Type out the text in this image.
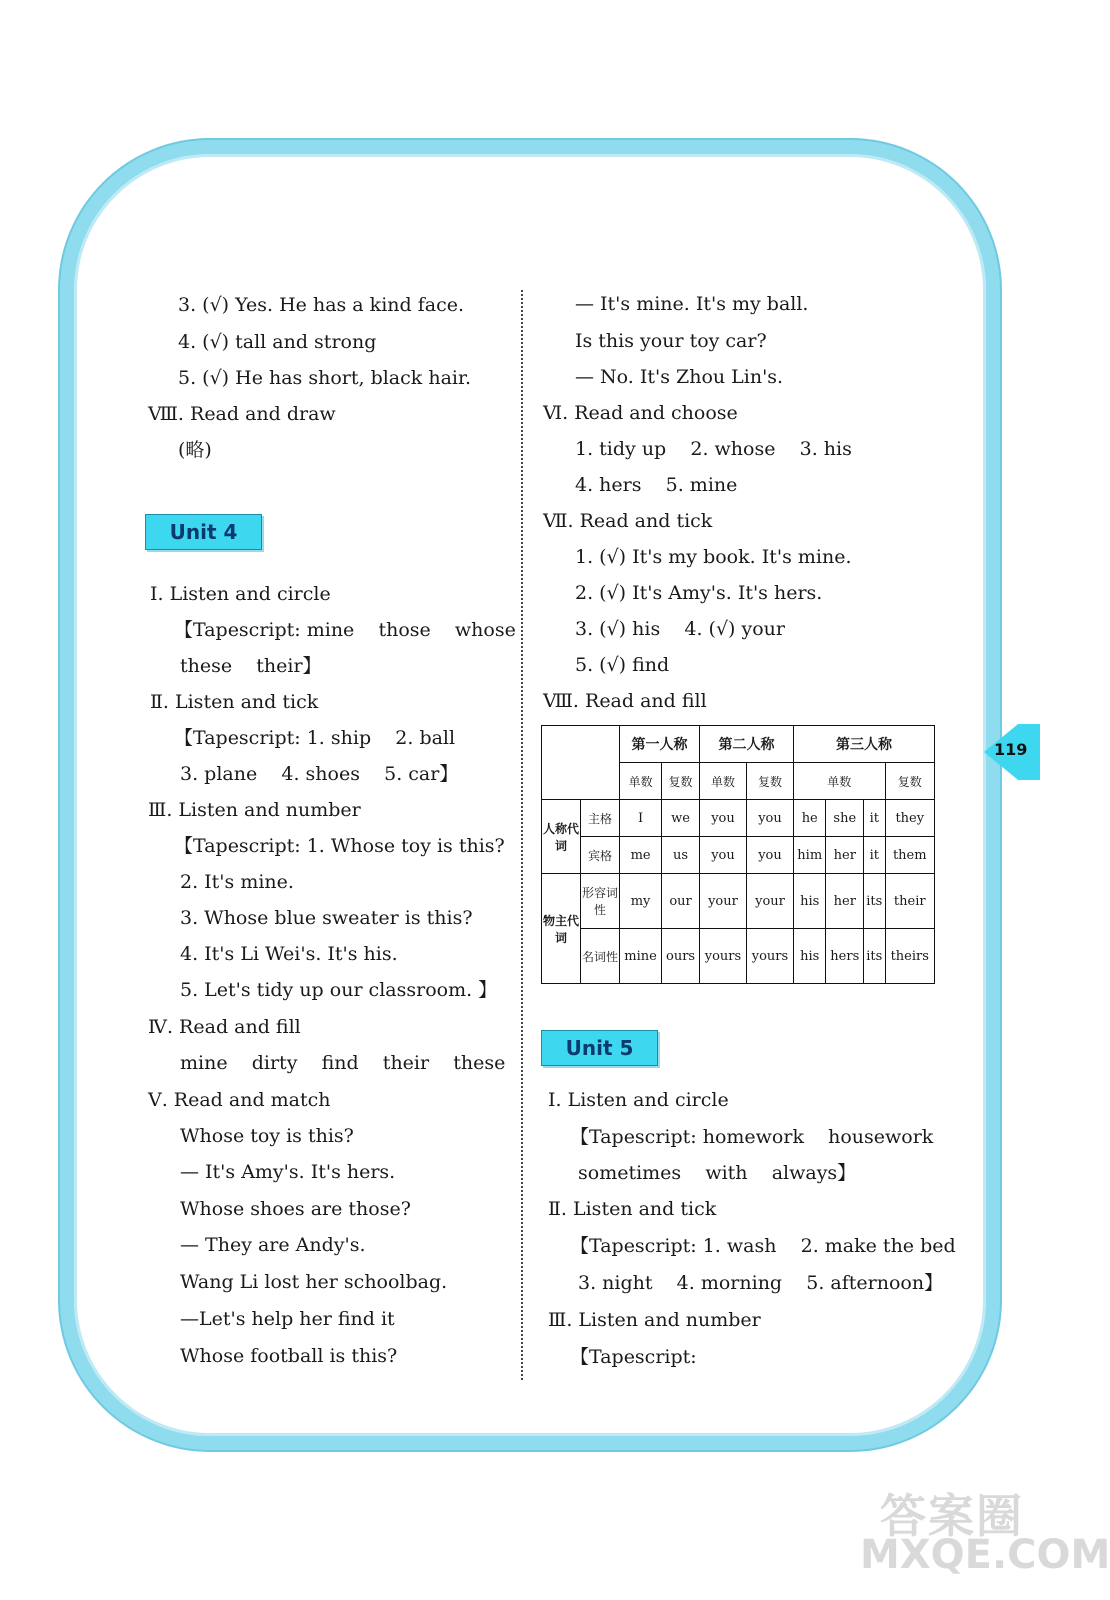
3. (√) Yes. He has a kind face.
4. (√) tall and strong
5. (√) He has short, black hair.
Ⅷ. Read and draw
(略)
Unit 4
Ⅰ. Listen and circle
【Tapescript: mine    those    whose
these    their】
Ⅱ. Listen and tick
【Tapescript: 1. ship    2. ball
3. plane    4. shoes    5. car】
Ⅲ. Listen and number
【Tapescript: 1. Whose toy is this?
2. It's mine.
3. Whose blue sweater is this?
4. It's Li Wei's. It's his.
5. Let's tidy up our classroom. 】
Ⅳ. Read and fill
mine    dirty    find    their    these
Ⅴ. Read and match
Whose toy is this?
— It's Amy's. It's hers.
Whose shoes are those?
— They are Andy's.
Wang Li lost her schoolbag.
—Let's help her find it
Whose football is this?
— It's mine. It's my ball.
Is this your toy car?
— No. It's Zhou Lin's.
Ⅵ. Read and choose
1. tidy up    2. whose    3. his
4. hers    5. mine
Ⅶ. Read and tick
1. (√) It's my book. It's mine.
2. (√) It's Amy's. It's hers.
3. (√) his    4. (√) your
5. (√) find
Ⅷ. Read and fill
		第一人称		第二人称		第三人称			
		单数	复数	单数	复数	单数			复数
人称代词	主格	I	we	you	you	he	she	it	they
	宾格	me	us	you	you	him	her	it	them
物主代词	形容词性	my	our	your	your	his	her	its	their
	名词性	mine	ours	yours	yours	his	hers	its	theirs
Unit 5
Ⅰ. Listen and circle
【Tapescript: homework    housework
sometimes    with    always】
Ⅱ. Listen and tick
【Tapescript: 1. wash    2. make the bed
3. night    4. morning    5. afternoon】
Ⅲ. Listen and number
【Tapescript:
119
答案圈
MXQE.COM
